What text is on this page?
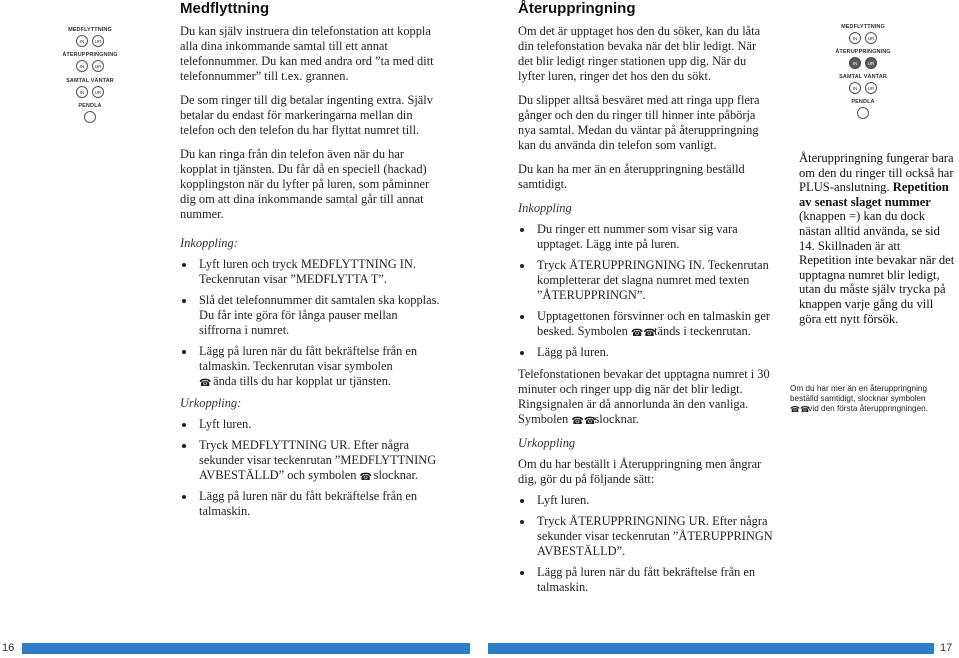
MEDFLYTTNING
IN	UR
ÅTERUPPRINGNING
IN	UR
SAMTAL VÄNTAR
IN	UR
PENDLA
MEDFLYTTNING
IN	UR
ÅTERUPPRINGNING
IN	UR
SAMTAL VÄNTAR
IN	UR
PENDLA
Medflyttning

Du kan själv instruera din telefonstation att koppla alla dina inkommande samtal till ett annat telefonnummer. Du kan med andra ord ”ta med ditt telefonnummer” till t.ex. grannen.

De som ringer till dig betalar ingenting extra. Själv betalar du endast för markeringarna mellan din telefon och den telefon du har flyttat numret till.

Du kan ringa från din telefon även när du har kopplat in tjänsten. Du får då en speciell (hackad) kopplingston när du lyfter på luren, som påminner dig om att dina inkommande samtal går till annat nummer.

Inkoppling:
Lyft luren och tryck MEDFLYTTNING IN. Teckenrutan visar ”MEDFLYTTA T”.
Slå det telefonnummer dit samtalen ska kopplas. Du får inte göra för långa pauser mellan siffrorna i numret.
Lägg på luren när du fått bekräftelse från en talmaskin. Teckenrutan visar symbolen
☎ ända tills du har kopplat ur tjänsten.
Urkoppling:
Lyft luren.
Tryck MEDFLYTTNING UR. Efter några sekunder visar teckenrutan ”MEDFLYTTNING AVBESTÄLLD” och symbolen ☎ slocknar.
Lägg på luren när du fått bekräftelse från en talmaskin.
Återuppringning

Om det är upptaget hos den du söker, kan du låta din telefonstation bevaka när det blir ledigt. När det blir ledigt ringer stationen upp dig. När du lyfter luren, ringer det hos den du sökt.

Du slipper alltså besväret med att ringa upp flera gånger och den du ringer till hinner inte påbörja nya samtal. Medan du väntar på återuppringning kan du använda din telefon som vanligt.

Du kan ha mer än en återuppringning beställd samtidigt.

Inkoppling
Du ringer ett nummer som visar sig vara upptaget. Lägg inte på luren.
Tryck ÅTERUPPRINGNING IN. Teckenrutan kompletterar det slagna numret med texten ”ÅTERUPPRINGN”.
Upptagettonen försvinner och en talmaskin ger besked. Symbolen ☎☎ tänds i teckenrutan.
Lägg på luren.

Telefonstationen bevakar det upptagna numret i 30 minuter och ringer upp dig när det blir ledigt. Ringsignalen är då annorlunda än den vanliga. Symbolen ☎☎ slocknar.

Urkoppling

Om du har beställt i Återuppringning men ångrar dig, gör du på följande sätt:

Lyft luren.
Tryck ÅTERUPPRINGNING UR. Efter några sekunder visar teckenrutan ”ÅTERUPPRINGN AVBESTÄLLD”.
Lägg på luren när du fått bekräftelse från en talmaskin.
Återuppringning fungerar bara om den du ringer till också har PLUS-anslutning. Repetition av senast slaget nummer (knappen =) kan du dock nästan alltid använda, se sid 14. Skillnaden är att Repetition inte bevakar när det upptagna numret blir ledigt, utan du måste själv trycka på knappen varje gång du vill göra ett nytt försök.
Om du har mer än en återuppringning beställd samtidigt, slocknar symbolen ☎☎ vid den första återuppringningen.
16	17
